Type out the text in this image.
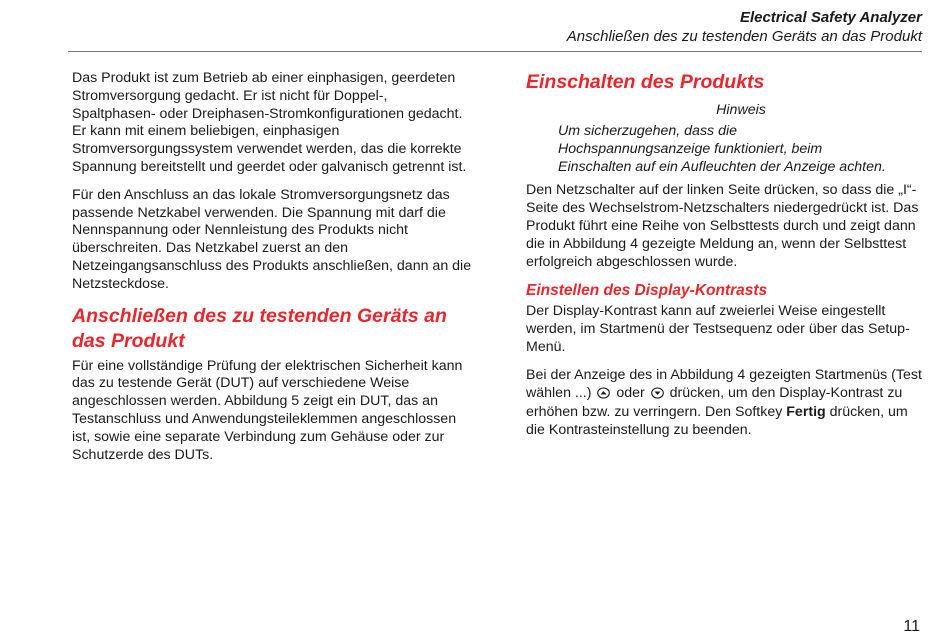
Electrical Safety Analyzer
Anschließen des zu testenden Geräts an das Produkt

Das Produkt ist zum Betrieb ab einer einphasigen, geerdeten Stromversorgung gedacht. Er ist nicht für Doppel-, Spaltphasen- oder Dreiphasen-Stromkonfigurationen gedacht. Er kann mit einem beliebigen, einphasigen Stromversorgungssystem verwendet werden, das die korrekte Spannung bereitstellt und geerdet oder galvanisch getrennt ist.

Für den Anschluss an das lokale Stromversorgungsnetz das passende Netzkabel verwenden. Die Spannung mit darf die Nennspannung oder Nennleistung des Produkts nicht überschreiten. Das Netzkabel zuerst an den Netzeingangsanschluss des Produkts anschließen, dann an die Netzsteckdose.

Anschließen des zu testenden Geräts an das Produkt

Für eine vollständige Prüfung der elektrischen Sicherheit kann das zu testende Gerät (DUT) auf verschiedene Weise angeschlossen werden. Abbildung 5 zeigt ein DUT, das an Testanschluss und Anwendungsteileklemmen angeschlossen ist, sowie eine separate Verbindung zum Gehäuse oder zur Schutzerde des DUTs.

Einschalten des Produkts
Hinweis
Um sicherzugehen, dass die Hochspannungsanzeige funktioniert, beim Einschalten auf ein Aufleuchten der Anzeige achten.

Den Netzschalter auf der linken Seite drücken, so dass die „I“-Seite des Wechselstrom-Netzschalters niedergedrückt ist. Das Produkt führt eine Reihe von Selbsttests durch und zeigt dann die in Abbildung 4 gezeigte Meldung an, wenn der Selbsttest erfolgreich abgeschlossen wurde.

Einstellen des Display-Kontrasts

Der Display-Kontrast kann auf zweierlei Weise eingestellt werden, im Startmenü der Testsequenz oder über das Setup-Menü.

Bei der Anzeige des in Abbildung 4 gezeigten Startmenüs (Test wählen ...) oder drücken, um den Display-Kontrast zu erhöhen bzw. zu verringern. Den Softkey Fertig drücken, um die Kontrasteinstellung zu beenden.

11
